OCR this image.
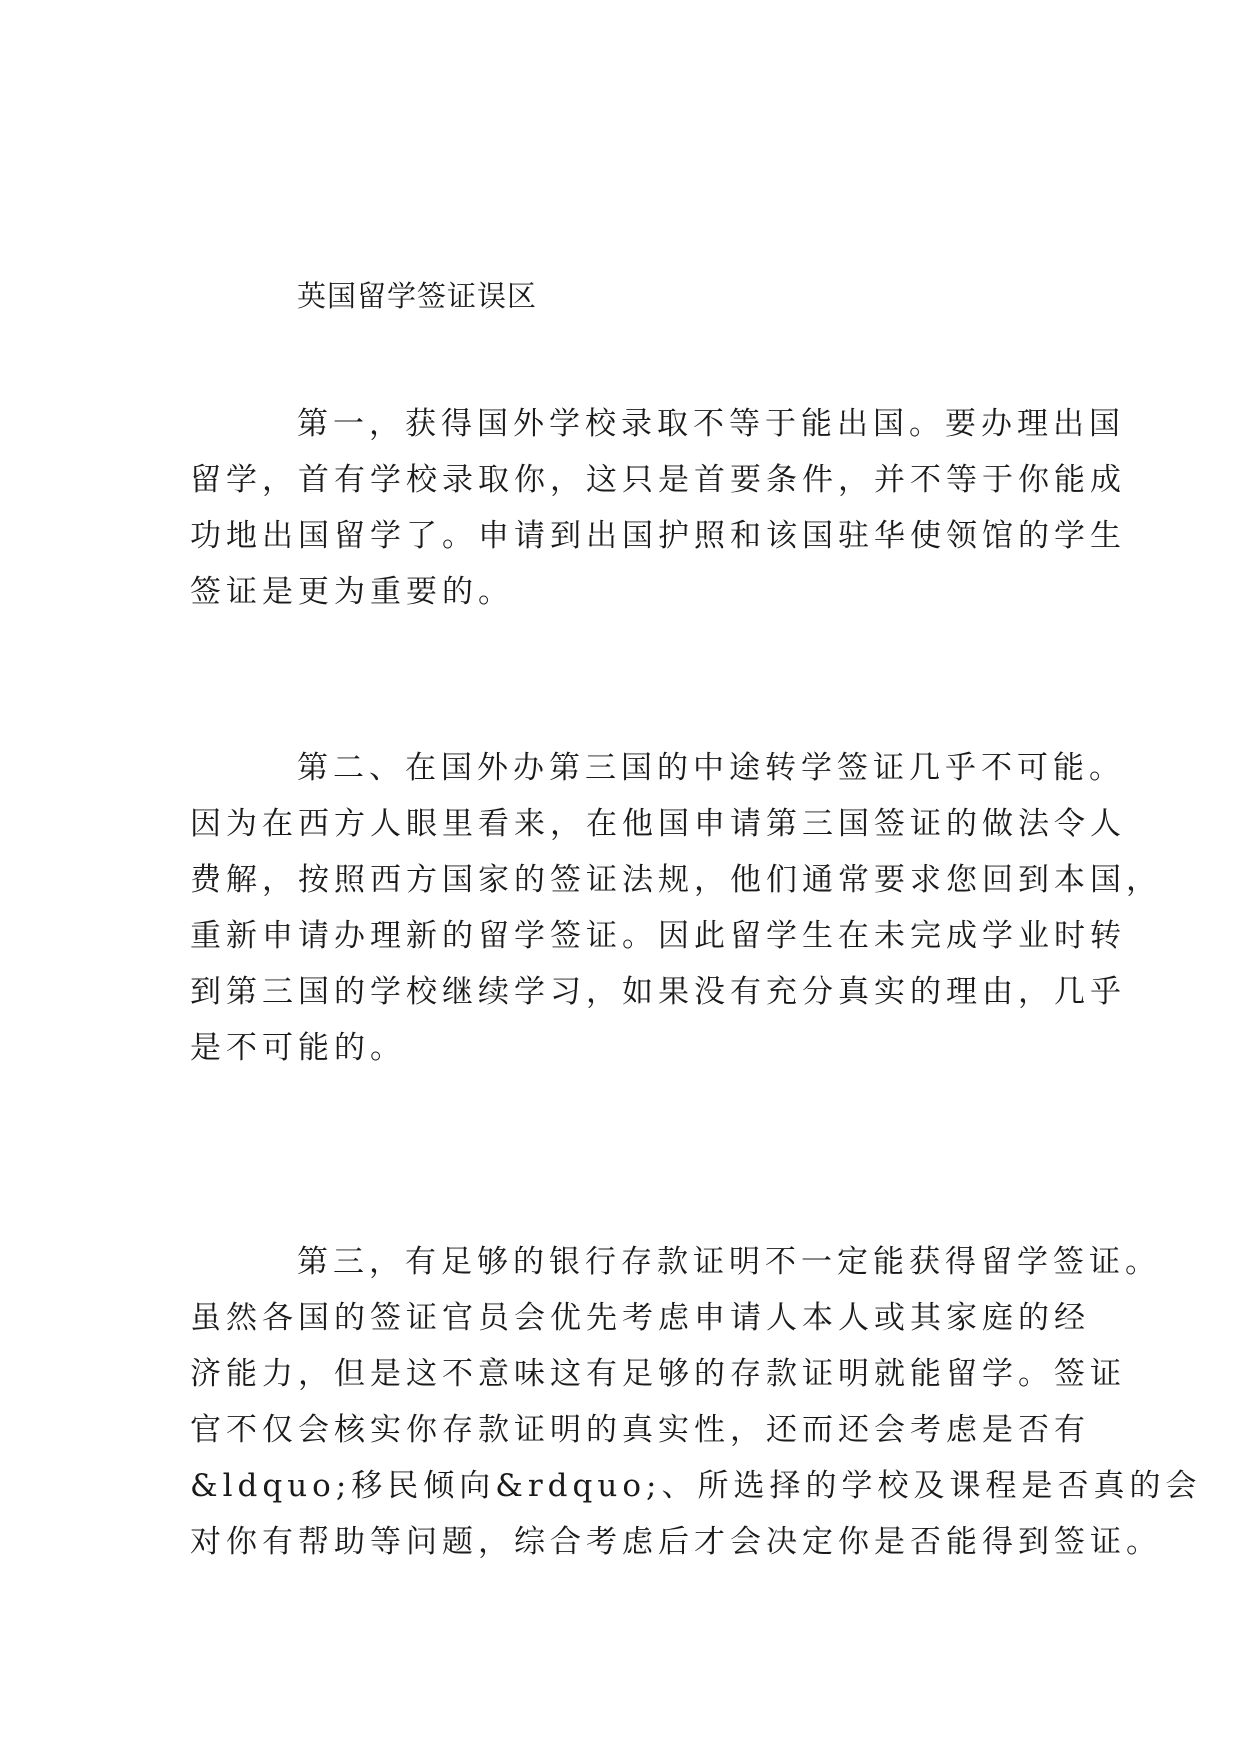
英国留学签证误区
第一，获得国外学校录取不等于能出国。要办理出国
留学，首有学校录取你，这只是首要条件，并不等于你能成
功地出国留学了。申请到出国护照和该国驻华使领馆的学生
签证是更为重要的。
第二、在国外办第三国的中途转学签证几乎不可能。
因为在西方人眼里看来，在他国申请第三国签证的做法令人
费解，按照西方国家的签证法规，他们通常要求您回到本国，
重新申请办理新的留学签证。因此留学生在未完成学业时转
到第三国的学校继续学习，如果没有充分真实的理由，几乎
是不可能的。
第三，有足够的银行存款证明不一定能获得留学签证。
虽然各国的签证官员会优先考虑申请人本人或其家庭的经
济能力，但是这不意味这有足够的存款证明就能留学。签证
官不仅会核实你存款证明的真实性，还而还会考虑是否有
&ldquo;移民倾向&rdquo;、所选择的学校及课程是否真的会
对你有帮助等问题，综合考虑后才会决定你是否能得到签证。
